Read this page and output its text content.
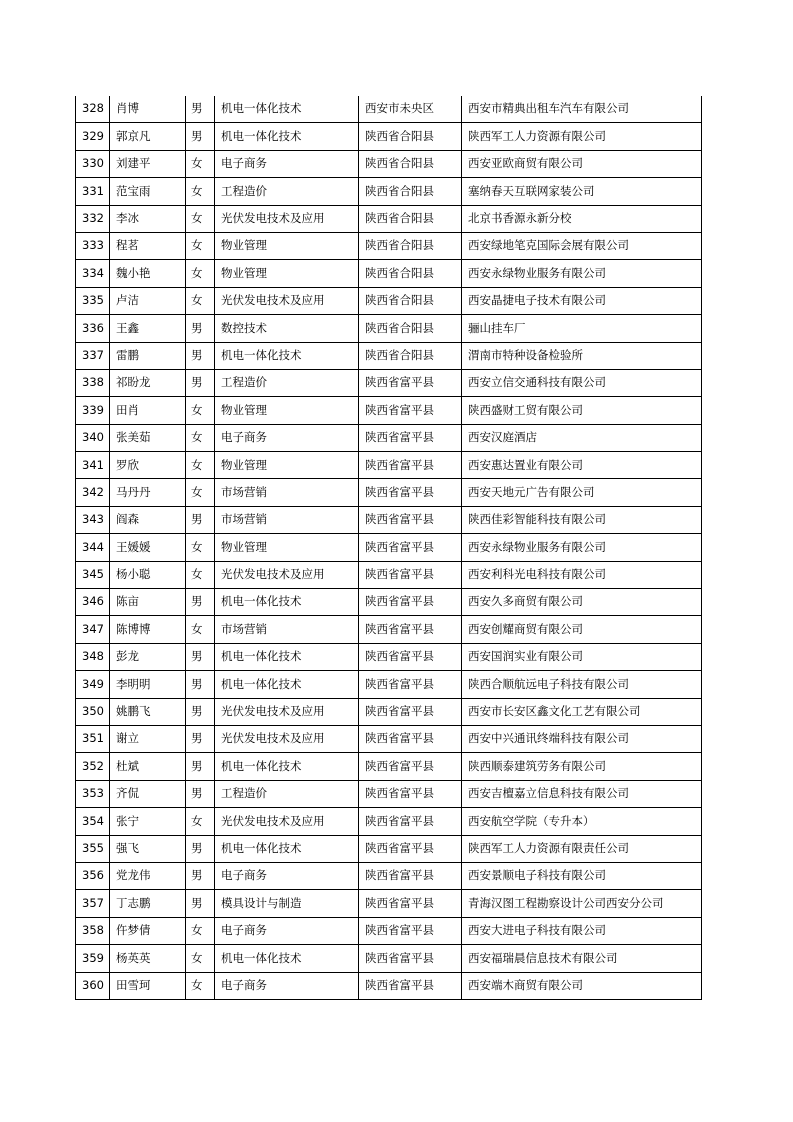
328	肖博	男	机电一体化技术	西安市未央区	西安市精典出租车汽车有限公司
329	郭京凡	男	机电一体化技术	陕西省合阳县	陕西军工人力资源有限公司
330	刘建平	女	电子商务	陕西省合阳县	西安亚欧商贸有限公司
331	范宝雨	女	工程造价	陕西省合阳县	塞纳春天互联网家装公司
332	李冰	女	光伏发电技术及应用	陕西省合阳县	北京书香源永新分校
333	程茗	女	物业管理	陕西省合阳县	西安绿地笔克国际会展有限公司
334	魏小艳	女	物业管理	陕西省合阳县	西安永绿物业服务有限公司
335	卢洁	女	光伏发电技术及应用	陕西省合阳县	西安晶捷电子技术有限公司
336	王鑫	男	数控技术	陕西省合阳县	骊山挂车厂
337	雷鹏	男	机电一体化技术	陕西省合阳县	渭南市特种设备检验所
338	祁盼龙	男	工程造价	陕西省富平县	西安立信交通科技有限公司
339	田肖	女	物业管理	陕西省富平县	陕西盛财工贸有限公司
340	张美茹	女	电子商务	陕西省富平县	西安汉庭酒店
341	罗欣	女	物业管理	陕西省富平县	西安惠达置业有限公司
342	马丹丹	女	市场营销	陕西省富平县	西安天地元广告有限公司
343	阎森	男	市场营销	陕西省富平县	陕西佳彩智能科技有限公司
344	王媛媛	女	物业管理	陕西省富平县	西安永绿物业服务有限公司
345	杨小聪	女	光伏发电技术及应用	陕西省富平县	西安利科光电科技有限公司
346	陈亩	男	机电一体化技术	陕西省富平县	西安久多商贸有限公司
347	陈博博	女	市场营销	陕西省富平县	西安创耀商贸有限公司
348	彭龙	男	机电一体化技术	陕西省富平县	西安国润实业有限公司
349	李明明	男	机电一体化技术	陕西省富平县	陕西合顺航远电子科技有限公司
350	姚鹏飞	男	光伏发电技术及应用	陕西省富平县	西安市长安区鑫文化工艺有限公司
351	谢立	男	光伏发电技术及应用	陕西省富平县	西安中兴通讯终端科技有限公司
352	杜斌	男	机电一体化技术	陕西省富平县	陕西顺泰建筑劳务有限公司
353	齐侃	男	工程造价	陕西省富平县	西安吉檀嘉立信息科技有限公司
354	张宁	女	光伏发电技术及应用	陕西省富平县	西安航空学院（专升本）
355	强飞	男	机电一体化技术	陕西省富平县	陕西军工人力资源有限责任公司
356	党龙伟	男	电子商务	陕西省富平县	西安景顺电子科技有限公司
357	丁志鹏	男	模具设计与制造	陕西省富平县	青海汉图工程勘察设计公司西安分公司
358	仵梦倩	女	电子商务	陕西省富平县	西安大进电子科技有限公司
359	杨英英	女	机电一体化技术	陕西省富平县	西安福瑞晨信息技术有限公司
360	田雪珂	女	电子商务	陕西省富平县	西安端木商贸有限公司
